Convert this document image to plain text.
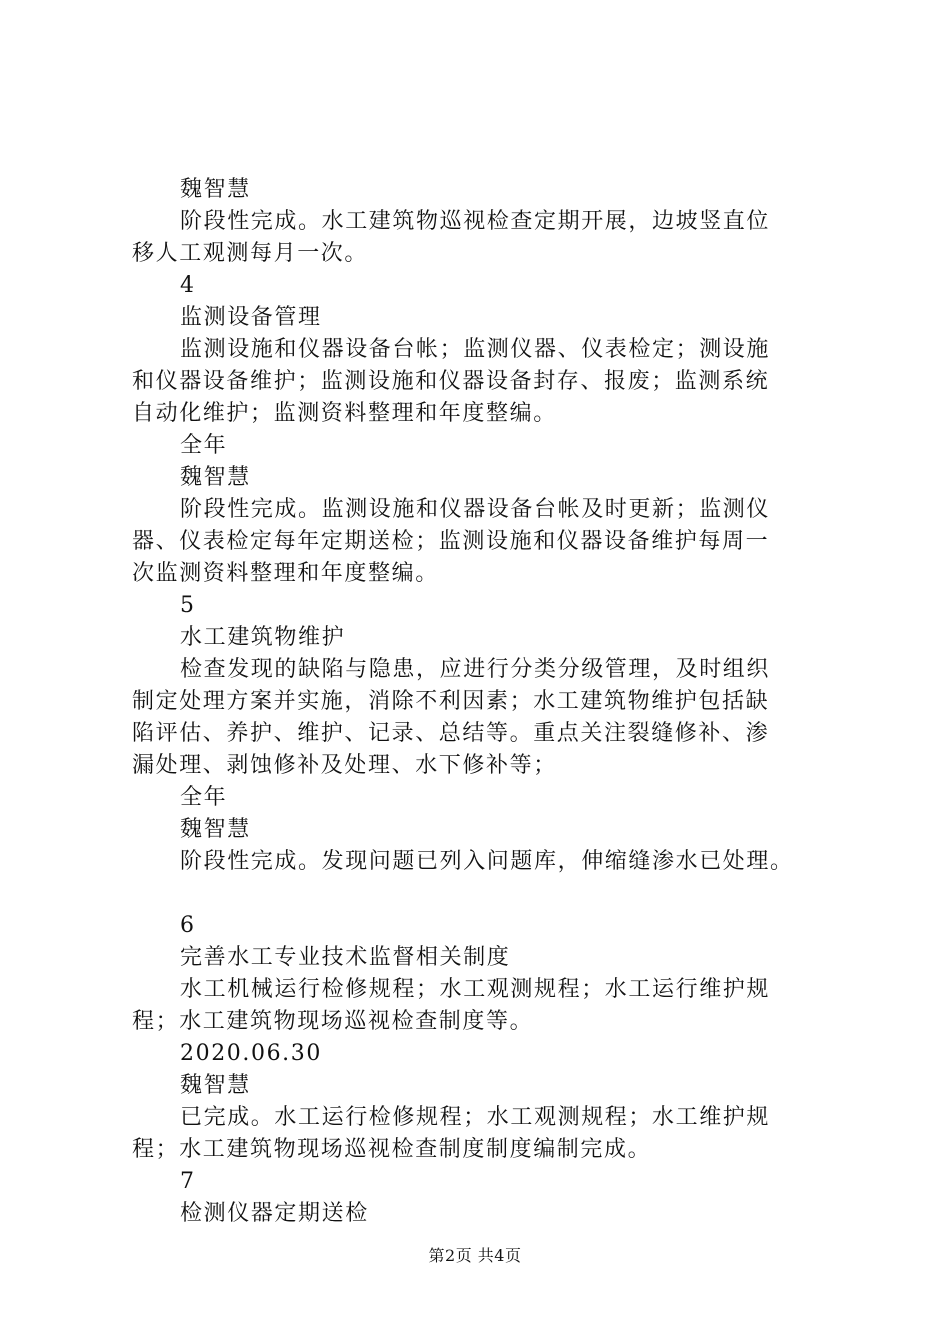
魏智慧

阶段性完成。水工建筑物巡视检查定期开展，边坡竖直位

移人工观测每月一次。

4

监测设备管理

监测设施和仪器设备台帐；监测仪器、仪表检定；测设施

和仪器设备维护；监测设施和仪器设备封存、报废；监测系统

自动化维护；监测资料整理和年度整编。

全年

魏智慧

阶段性完成。监测设施和仪器设备台帐及时更新；监测仪

器、仪表检定每年定期送检；监测设施和仪器设备维护每周一

次监测资料整理和年度整编。

5

水工建筑物维护

检查发现的缺陷与隐患，应进行分类分级管理，及时组织

制定处理方案并实施，消除不利因素；水工建筑物维护包括缺

陷评估、养护、维护、记录、总结等。重点关注裂缝修补、渗

漏处理、剥蚀修补及处理、水下修补等；

全年

魏智慧

阶段性完成。发现问题已列入问题库，伸缩缝渗水已处理。

6

完善水工专业技术监督相关制度

水工机械运行检修规程；水工观测规程；水工运行维护规

程；水工建筑物现场巡视检查制度等。

2020.06.30

魏智慧

已完成。水工运行检修规程；水工观测规程；水工维护规

程；水工建筑物现场巡视检查制度制度编制完成。

7

检测仪器定期送检

第2页 共4页
